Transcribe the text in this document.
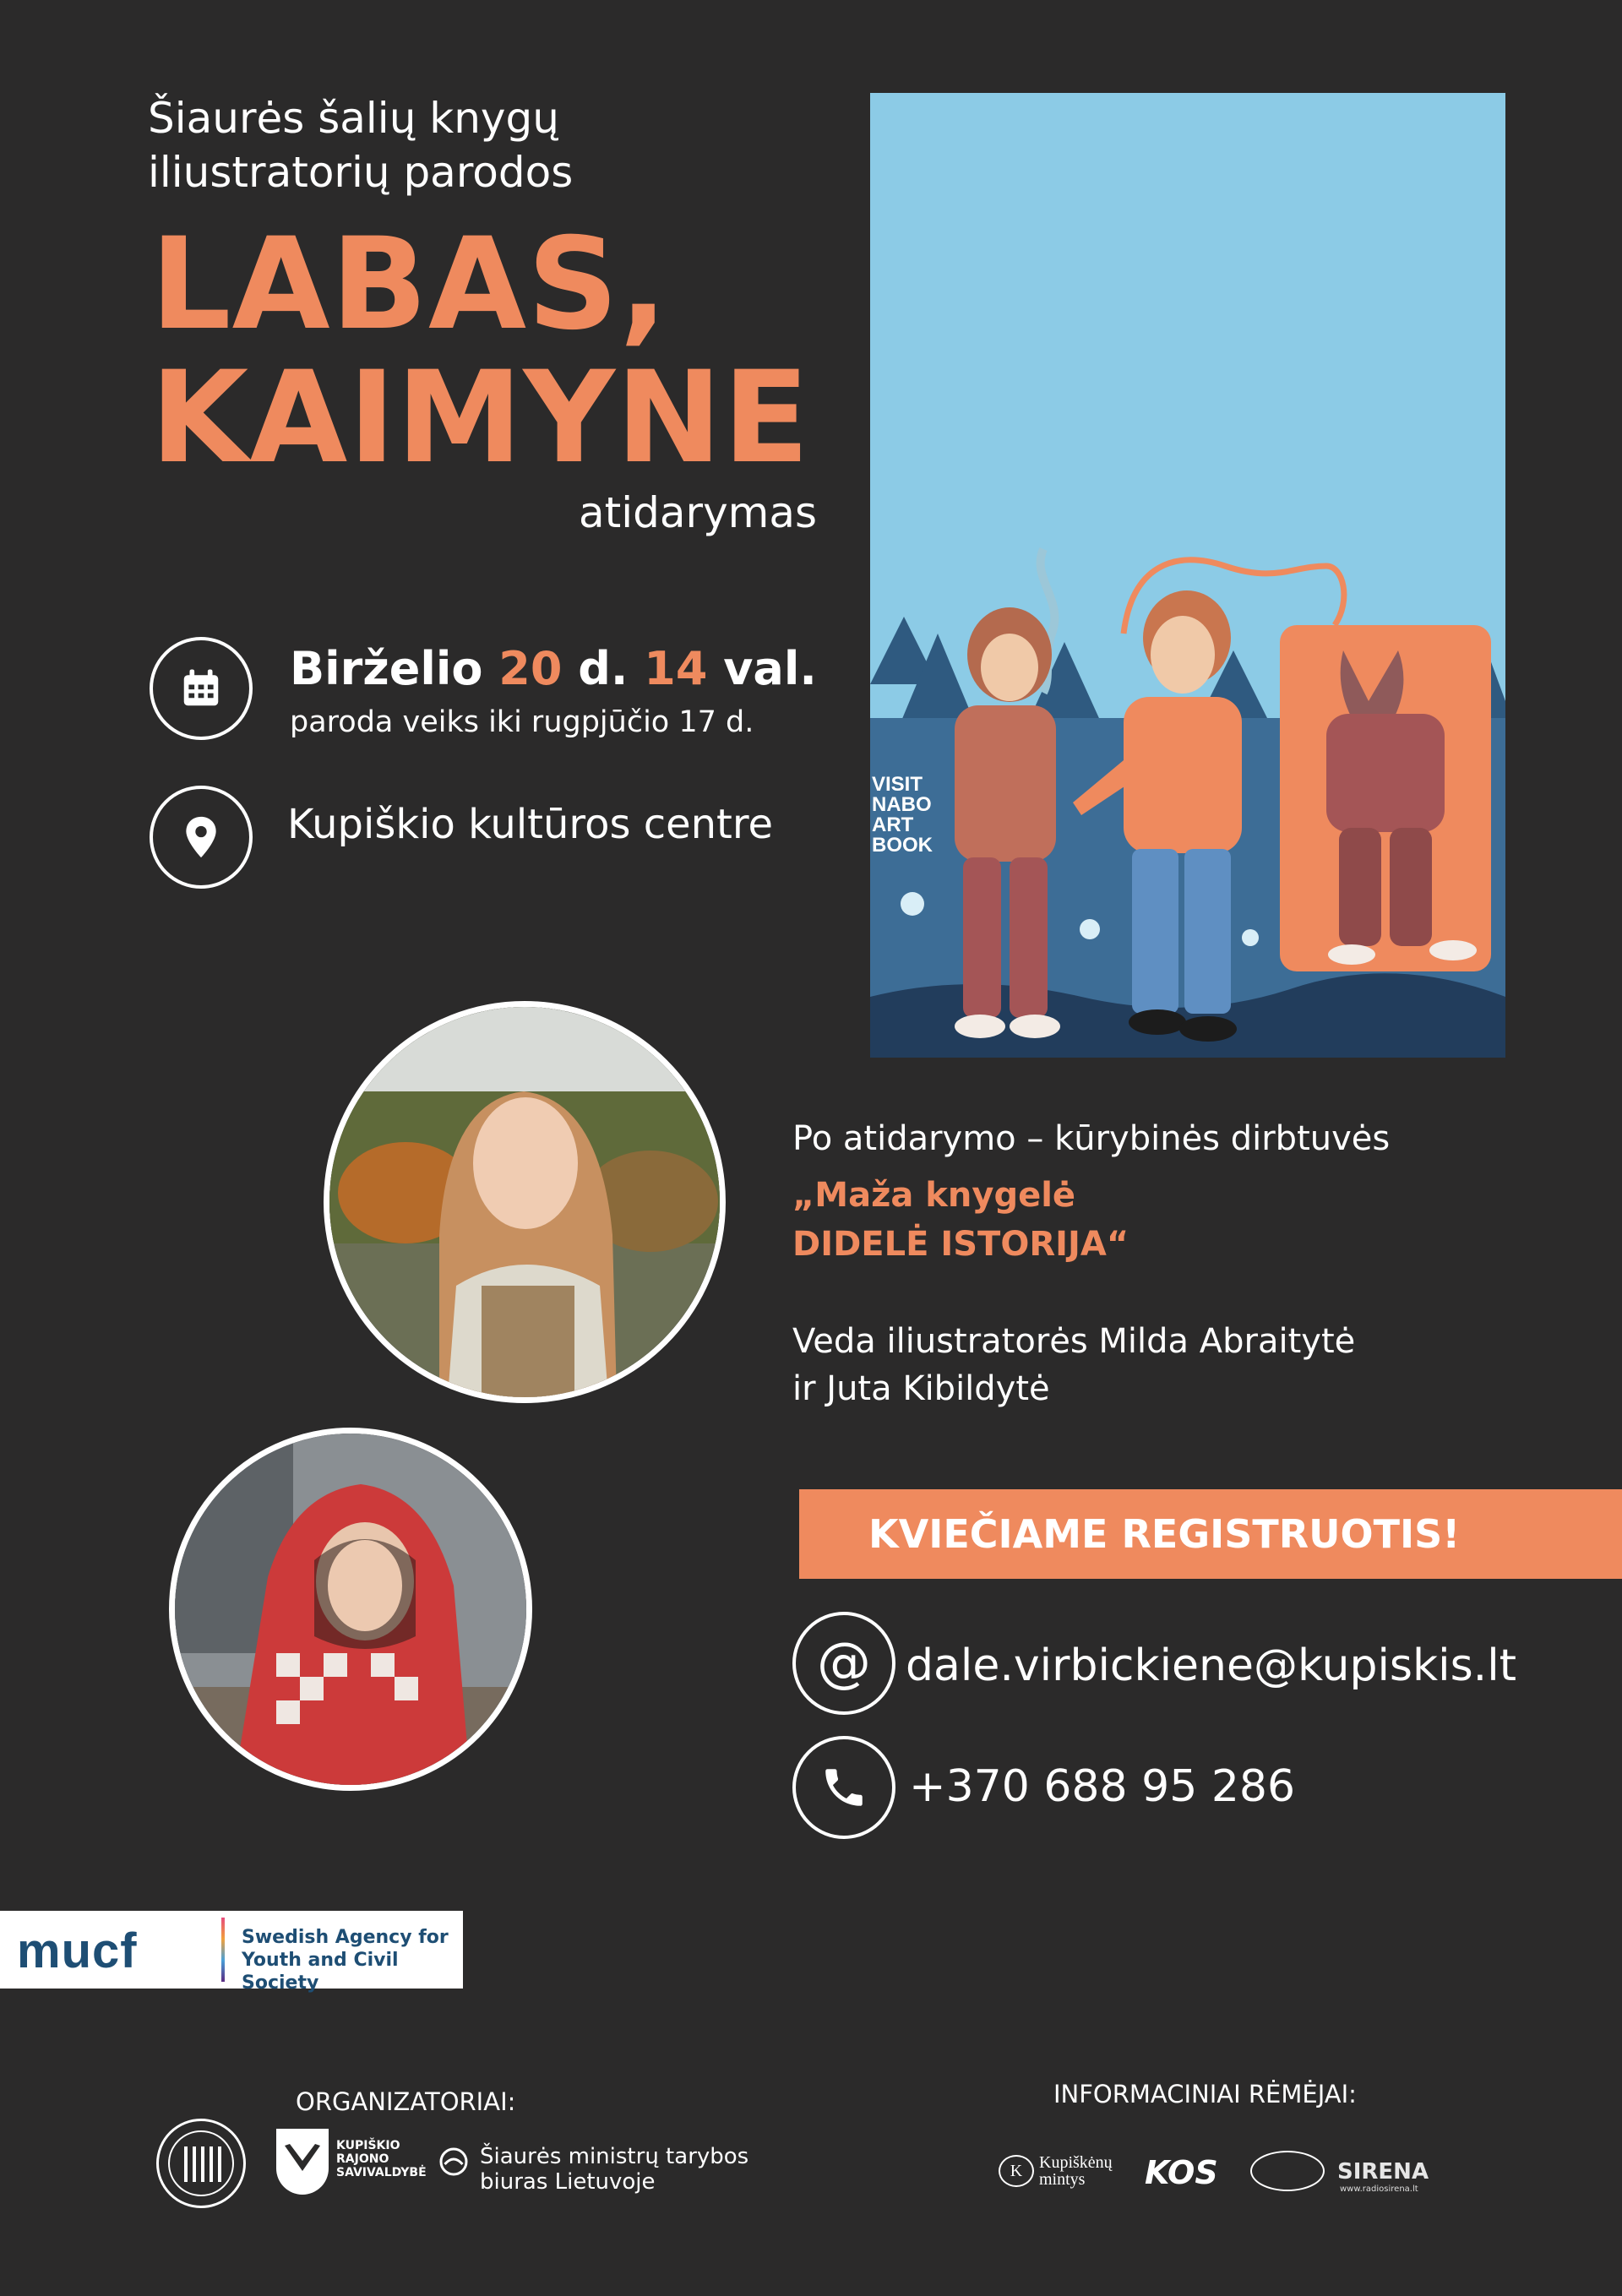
Šiaurės šalių knygų
iliustratorių parodos
LABAS,
KAIMYNE
atidarymas
Birželio 20 d. 14 val.
paroda veiks iki rugpjūčio 17 d.
Kupiškio kultūros centre
VISIT
NABO
ART
BOOK
Po atidarymo – kūrybinės dirbtuvės
„Maža knygelė
DIDELĖ ISTORIJA“
Veda iliustratorės Milda Abraitytė
ir Juta Kibildytė
KVIEČIAME REGISTRUOTIS!
@ dale.virbickiene@kupiskis.lt
+370 688 95 286
mucf	Swedish Agency for
Youth and Civil Society
ORGANIZATORIAI:	INFORMACINIAI RĖMĖJAI:
KUPIŠKIO
RAJONO
SAVIVALDYBĖ
Šiaurės ministrų tarybos
biuras Lietuvoje	K Kupiškėnų
mintys	KOS	SIRENA
www.radiosirena.lt
